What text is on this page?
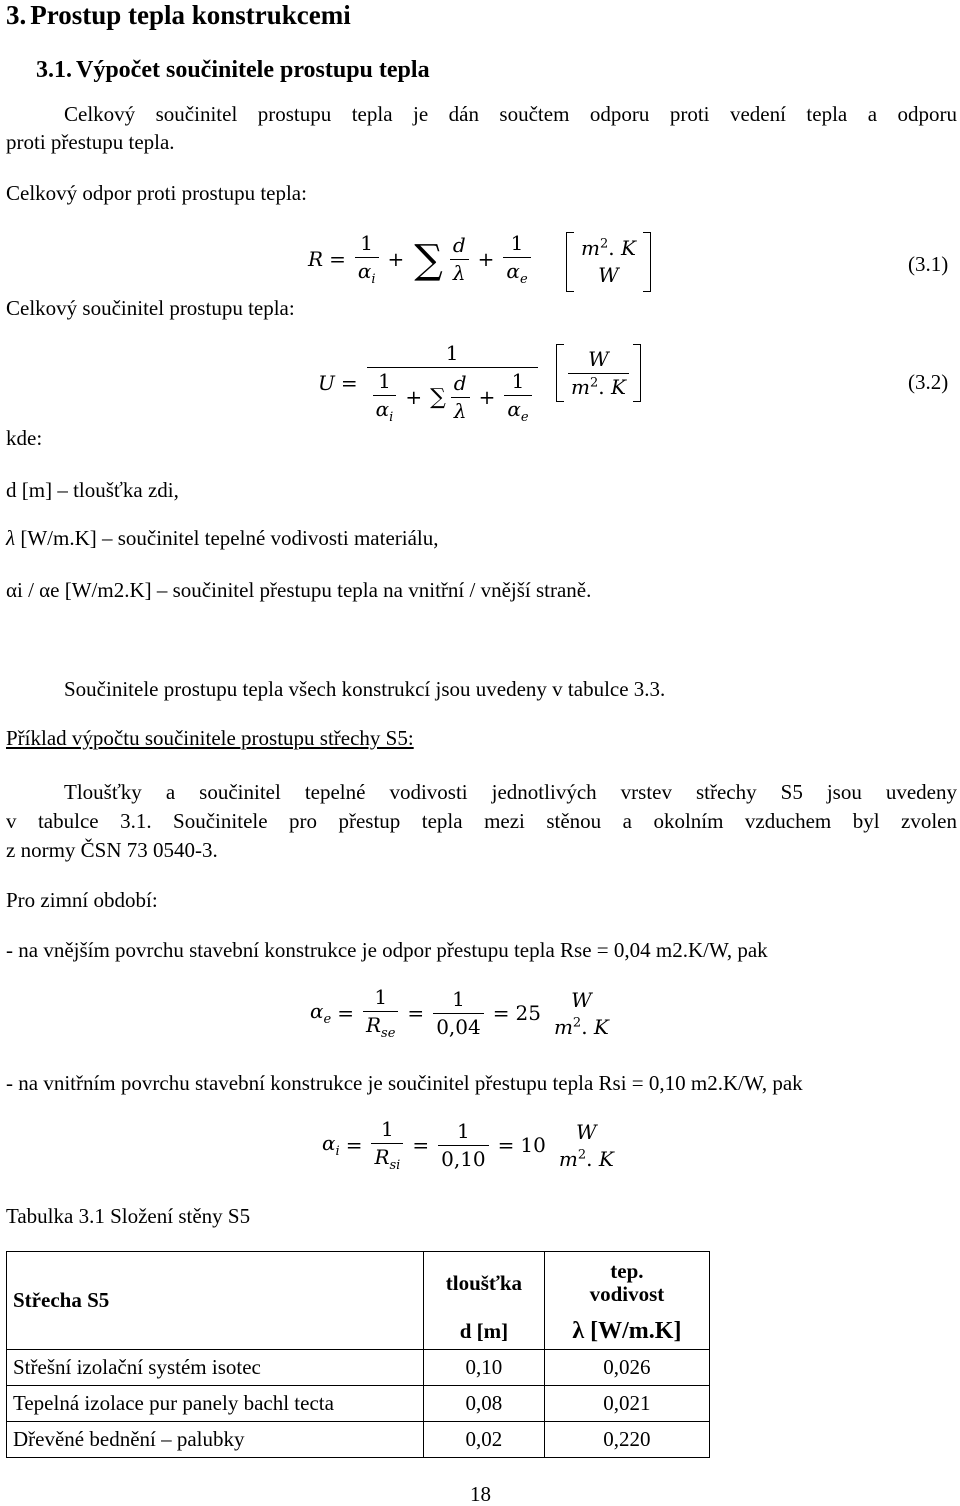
3. Prostup tepla konstrukcemi
3.1. Výpočet součinitele prostupu tepla
Celkový součinitel prostupu tepla je dán součtem odporu proti vedení tepla a odporu
proti přestupu tepla.
Celkový odpor proti prostupu tepla:
Celkový součinitel prostupu tepla:
$R = \frac{1}{\alpha_i}$ + ∑ $\frac{d}{\lambda} + \frac{1}{\alpha_e}$	$m^2$. K
W	(3.1)
$U = \frac{1}{\frac{1}{\alpha_i} + \sum \frac{d}{\lambda} + \frac{1}{\alpha_e}} \frac{W}{m^2. K}$	(3.2)
kde:
d [m] – tloušťka zdi,
λ [W/m.K] – součinitel tepelné vodivosti materiálu,
αi / αe [W/m2.K] – součinitel přestupu tepla na vnitřní / vnější straně.
Součinitele prostupu tepla všech konstrukcí jsou uvedeny v tabulce 3.3.
Příklad výpočtu součinitele prostupu střechy S5:
Tloušťky a součinitel tepelné vodivosti jednotlivých vrstev střechy S5 jsou uvedeny
v tabulce 3.1. Součinitele pro přestup tepla mezi stěnou a okolním vzduchem byl zvolen
z normy ČSN 73 0540-3.
Pro zimní období:
- na vnějším povrchu stavební konstrukce je odpor přestupu tepla Rse = 0,04 m2.K/W, pak
$\alpha_e = \frac{1}{R_{se}} = \frac{1}{0,04} = 25$
W
$m^2$. K
- na vnitřním povrchu stavební konstrukce je součinitel přestupu tepla Rsi = 0,10 m2.K/W, pak
$\alpha_i = \frac{1}{R_{si}} = \frac{1}{0,10} = 10$
W
$m^2$. K
Tabulka 3.1 Složení stěny S5
Střecha S5	tloušťka	tep.
vodivost

	d [m]	λ [W/m.K]
Střešní izolační systém isotec	0,10	0,026
Tepelná izolace pur panely bachl tecta	0,08	0,021
Dřevěné bednění – palubky	0,02	0,220
18
